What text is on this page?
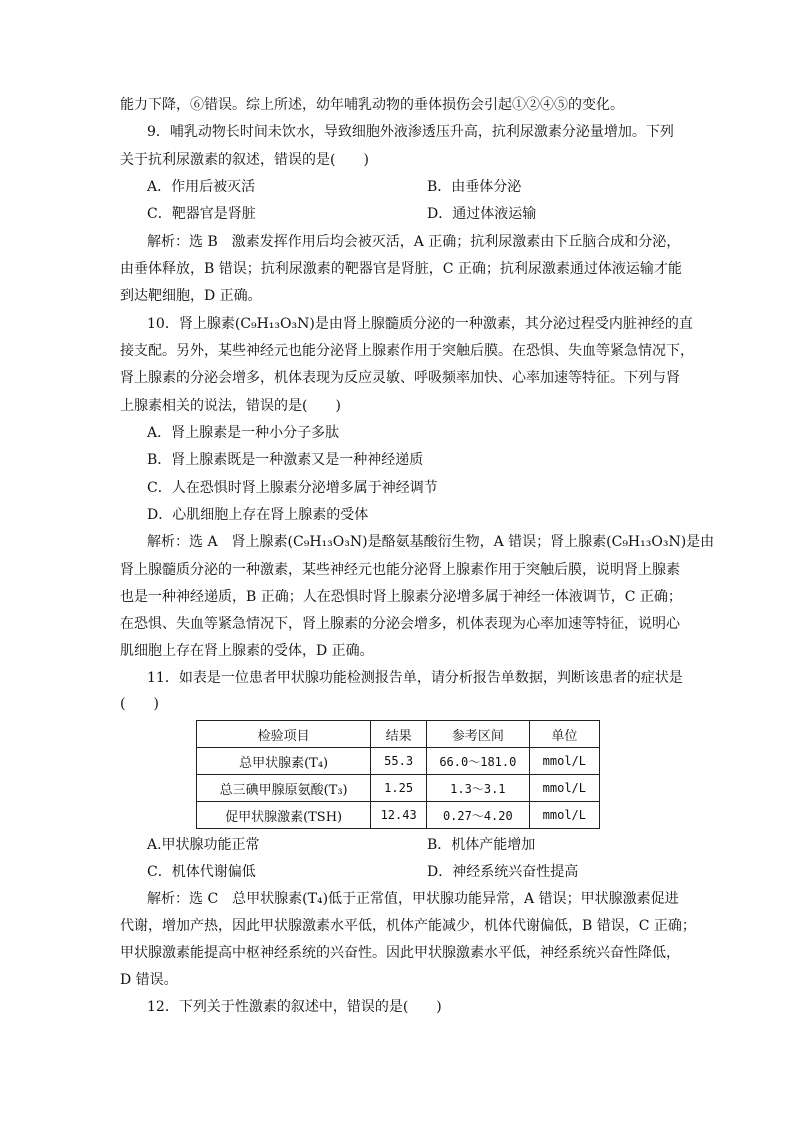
能力下降，⑥错误。综上所述，幼年哺乳动物的垂体损伤会引起①②④⑤的变化。
9．哺乳动物长时间未饮水，导致细胞外液渗透压升高，抗利尿激素分泌量增加。下列
关于抗利尿激素的叙述，错误的是(　　)
A．作用后被灭活	B．由垂体分泌
C．靶器官是肾脏	D．通过体液运输
解析：选 B　激素发挥作用后均会被灭活，A 正确；抗利尿激素由下丘脑合成和分泌，
由垂体释放，B 错误；抗利尿激素的靶器官是肾脏，C 正确；抗利尿激素通过体液运输才能
到达靶细胞，D 正确。
10．肾上腺素(C₉H₁₃O₃N)是由肾上腺髓质分泌的一种激素，其分泌过程受内脏神经的直
接支配。另外，某些神经元也能分泌肾上腺素作用于突触后膜。在恐惧、失血等紧急情况下，
肾上腺素的分泌会增多，机体表现为反应灵敏、呼吸频率加快、心率加速等特征。下列与肾
上腺素相关的说法，错误的是(　　)
A．肾上腺素是一种小分子多肽
B．肾上腺素既是一种激素又是一种神经递质
C．人在恐惧时肾上腺素分泌增多属于神经调节
D．心肌细胞上存在肾上腺素的受体
解析：选 A　肾上腺素(C₉H₁₃O₃N)是酪氨基酸衍生物，A 错误；肾上腺素(C₉H₁₃O₃N)是由
肾上腺髓质分泌的一种激素，某些神经元也能分泌肾上腺素作用于突触后膜，说明肾上腺素
也是一种神经递质，B 正确；人在恐惧时肾上腺素分泌增多属于神经一体液调节，C 正确；
在恐惧、失血等紧急情况下，肾上腺素的分泌会增多，机体表现为心率加速等特征，说明心
肌细胞上存在肾上腺素的受体，D 正确。
11．如表是一位患者甲状腺功能检测报告单，请分析报告单数据，判断该患者的症状是
(　　)
检验项目	结果	参考区间	单位
总甲状腺素(T₄)	55.3	66.0～181.0	mmol/L
总三碘甲腺原氨酸(T₃)	1.25	1.3～3.1	mmol/L
促甲状腺激素(TSH)	12.43	0.27～4.20	mmol/L
A.甲状腺功能正常	B．机体产能增加
C．机体代谢偏低	D．神经系统兴奋性提高
解析：选 C　总甲状腺素(T₄)低于正常值，甲状腺功能异常，A 错误；甲状腺激素促进
代谢，增加产热，因此甲状腺激素水平低，机体产能减少，机体代谢偏低，B 错误，C 正确；
甲状腺激素能提高中枢神经系统的兴奋性。因此甲状腺激素水平低，神经系统兴奋性降低，
D 错误。
12．下列关于性激素的叙述中，错误的是(　　)
